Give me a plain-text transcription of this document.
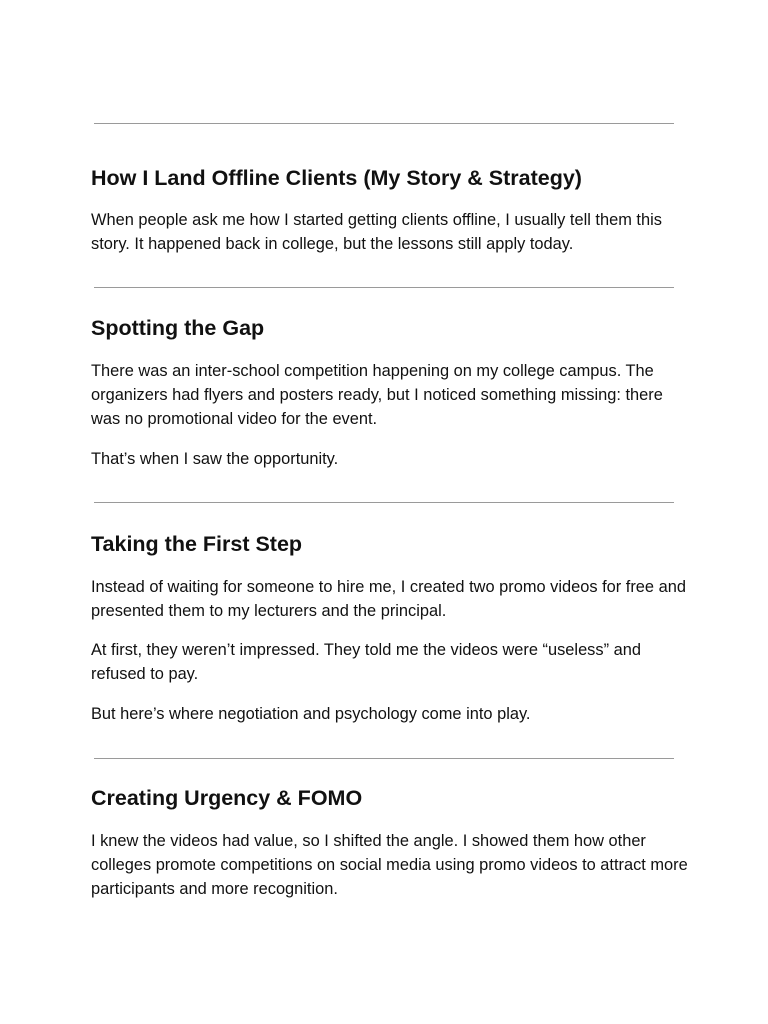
How I Land Offline Clients (My Story & Strategy)

When people ask me how I started getting clients offline, I usually tell them this story. It happened back in college, but the lessons still apply today.

Spotting the Gap

There was an inter-school competition happening on my college campus. The organizers had flyers and posters ready, but I noticed something missing: there was no promotional video for the event.

That’s when I saw the opportunity.

Taking the First Step

Instead of waiting for someone to hire me, I created two promo videos for free and presented them to my lecturers and the principal.

At first, they weren’t impressed. They told me the videos were “useless” and refused to pay.

But here’s where negotiation and psychology come into play.

Creating Urgency & FOMO

I knew the videos had value, so I shifted the angle. I showed them how other colleges promote competitions on social media using promo videos to attract more participants and more recognition.
